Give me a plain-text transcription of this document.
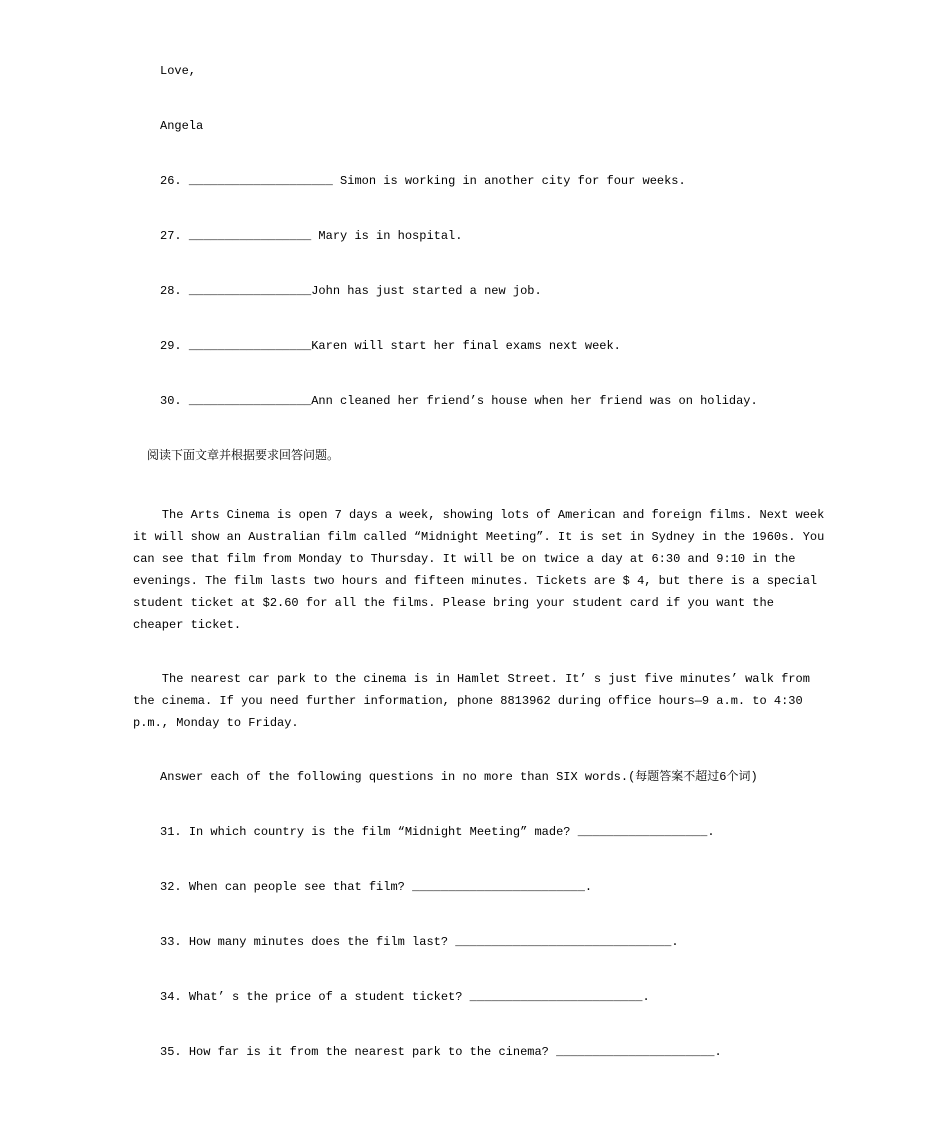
Love,
Angela
26. ____________________ Simon is working in another city for four weeks.
27. _________________ Mary is in hospital.
28. _________________John has just started a new job.
29. _________________Karen will start her final exams next week.
30. _________________Ann cleaned her friend’s house when her friend was on holiday.
阅读下面文章并根据要求回答问题。
The Arts Cinema is open 7 days a week, showing lots of American and foreign films. Next week it will show an Australian film called “Midnight Meeting”. It is set in Sydney in the 1960s. You can see that film from Monday to Thursday. It will be on twice a day at 6:30 and 9:10 in the evenings. The film lasts two hours and fifteen minutes. Tickets are $ 4, but there is a special student ticket at $2.60 for all the films. Please bring your student card if you want the cheaper ticket.
The nearest car park to the cinema is in Hamlet Street. It’ s just five minutes’ walk from the cinema. If you need further information, phone 8813962 during office hours—9 a.m. to 4:30 p.m., Monday to Friday.
Answer each of the following questions in no more than SIX words.(每题答案不超过6个词)
31. In which country is the film “Midnight Meeting” made? __________________.
32. When can people see that film? ________________________.
33. How many minutes does the film last? ______________________________.
34. What’ s the price of a student ticket? ________________________.
35. How far is it from the nearest park to the cinema? ______________________.
